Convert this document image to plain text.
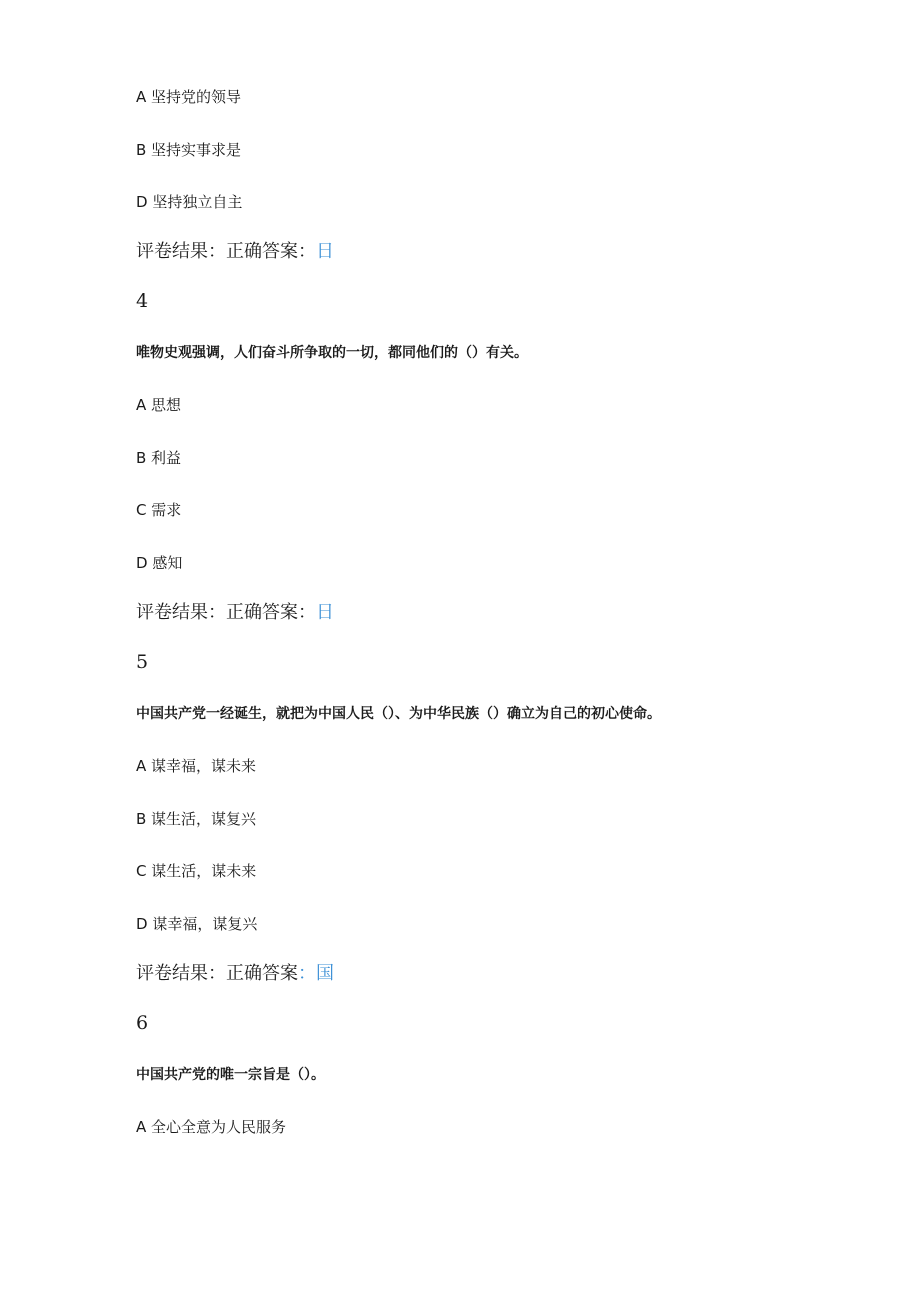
A 坚持党的领导
B 坚持实事求是
D 坚持独立自主
评卷结果：正确答案：日
4
唯物史观强调，人们奋斗所争取的一切，都同他们的（）有关。
A 思想
B 利益
C 需求
D 感知
评卷结果：正确答案：日
5
中国共产党一经诞生，就把为中国人民（）、为中华民族（）确立为自己的初心使命。
A 谋幸福，谋未来
B 谋生活，谋复兴
C 谋生活，谋未来
D 谋幸福，谋复兴
评卷结果：正确答案：国
6
中国共产党的唯一宗旨是（）。
A 全心全意为人民服务
